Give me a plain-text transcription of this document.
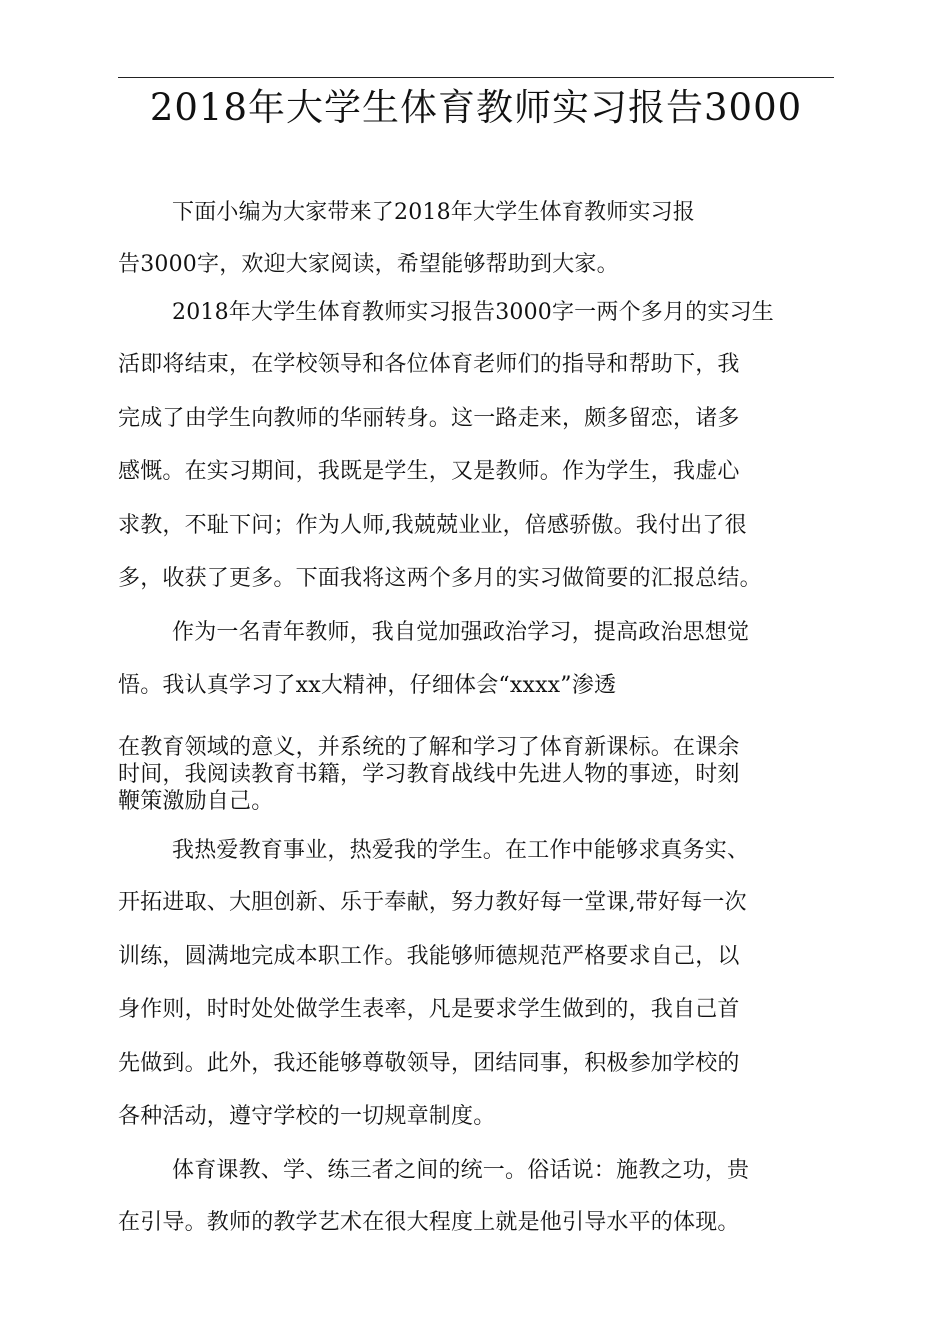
2018年大学生体育教师实习报告3000
下面小编为大家带来了2018年大学生体育教师实习报
告3000字，欢迎大家阅读，希望能够帮助到大家。
2018年大学生体育教师实习报告3000字一两个多月的实习生
活即将结束，在学校领导和各位体育老师们的指导和帮助下，我
完成了由学生向教师的华丽转身。这一路走来，颇多留恋，诸多
感慨。在实习期间，我既是学生，又是教师。作为学生，我虚心
求教，不耻下问；作为人师,我兢兢业业，倍感骄傲。我付出了很
多，收获了更多。下面我将这两个多月的实习做简要的汇报总结。
作为一名青年教师，我自觉加强政治学习，提高政治思想觉
悟。我认真学习了xx大精神，仔细体会“xxxx”渗透
在教育领域的意义，并系统的了解和学习了体育新课标。在课余
时间，我阅读教育书籍，学习教育战线中先进人物的事迹，时刻
鞭策激励自己。
我热爱教育事业，热爱我的学生。在工作中能够求真务实、
开拓进取、大胆创新、乐于奉献，努力教好每一堂课,带好每一次
训练，圆满地完成本职工作。我能够师德规范严格要求自己，以
身作则，时时处处做学生表率，凡是要求学生做到的，我自己首
先做到。此外，我还能够尊敬领导，团结同事，积极参加学校的
各种活动，遵守学校的一切规章制度。
体育课教、学、练三者之间的统一。俗话说：施教之功，贵
在引导。教师的教学艺术在很大程度上就是他引导水平的体现。
